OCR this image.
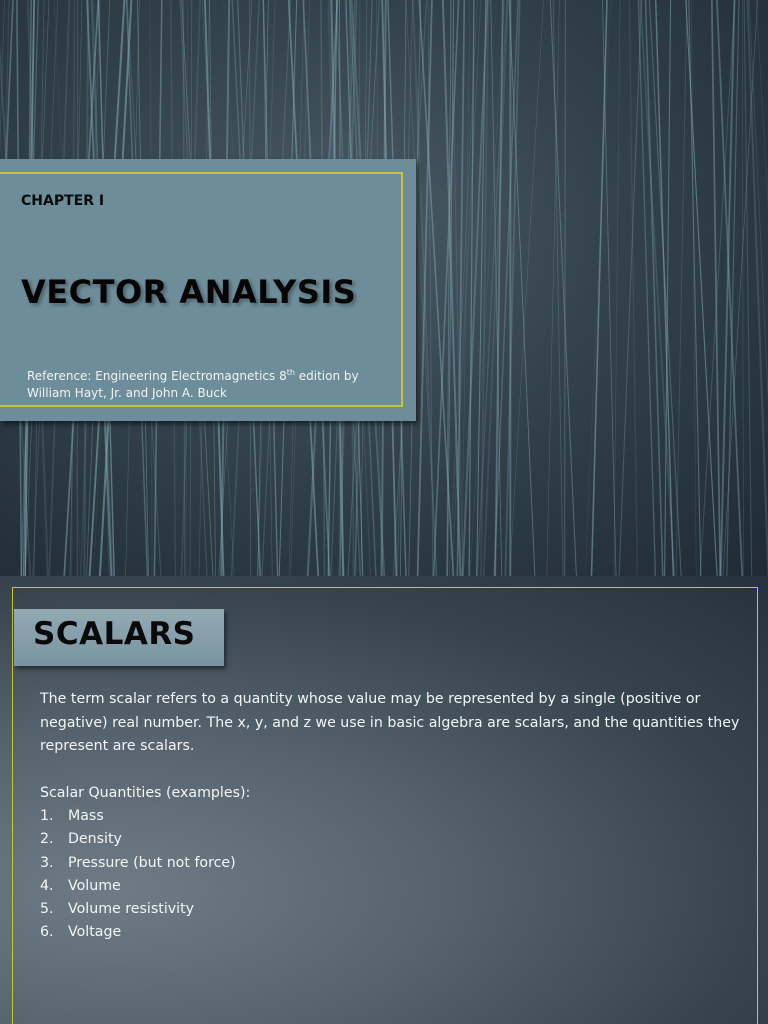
CHAPTER I
VECTOR ANALYSIS
Reference: Engineering Electromagnetics 8th edition by William Hayt, Jr. and John A. Buck
SCALARS
The term scalar refers to a quantity whose value may be represented by a single (positive or negative) real number. The x, y, and z we use in basic algebra are scalars, and the quantities they represent are scalars.
Scalar Quantities (examples):
1.	Mass
2.	Density
3.	Pressure (but not force)
4.	Volume
5.	Volume resistivity
6.	Voltage
